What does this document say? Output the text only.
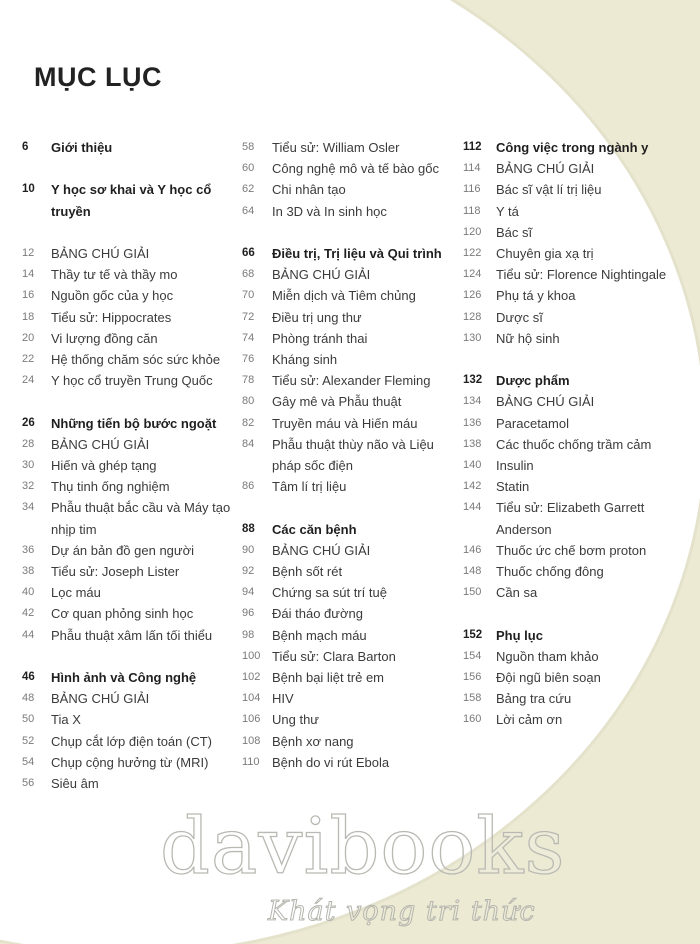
MỤC LỤC
6	Giới thiệu
10	Y học sơ khai và Y học cổ truyền
12	BẢNG CHÚ GIẢI
14	Thầy tư tế và thầy mo
16	Nguồn gốc của y học
18	Tiểu sử: Hippocrates
20	Vi lượng đồng căn
22	Hệ thống chăm sóc sức khỏe
24	Y học cổ truyền Trung Quốc
26	Những tiến bộ bước ngoặt
28	BẢNG CHÚ GIẢI
30	Hiến và ghép tạng
32	Thụ tinh ống nghiệm
34	Phẫu thuật bắc cầu và Máy tạo nhịp tim
36	Dự án bản đồ gen người
38	Tiểu sử: Joseph Lister
40	Lọc máu
42	Cơ quan phỏng sinh học
44	Phẫu thuật xâm lấn tối thiểu
46	Hình ảnh và Công nghệ
48	BẢNG CHÚ GIẢI
50	Tia X
52	Chụp cắt lớp điện toán (CT)
54	Chụp cộng hưởng từ (MRI)
56	Siêu âm
58	Tiểu sử: William Osler
60	Công nghệ mô và tế bào gốc
62	Chi nhân tạo
64	In 3D và In sinh học
66	Điều trị, Trị liệu và Qui trình
68	BẢNG CHÚ GIẢI
70	Miễn dịch và Tiêm chủng
72	Điều trị ung thư
74	Phòng tránh thai
76	Kháng sinh
78	Tiểu sử: Alexander Fleming
80	Gây mê và Phẫu thuật
82	Truyền máu và Hiến máu
84	Phẫu thuật thùy não và Liệu pháp sốc điện
86	Tâm lí trị liệu
88	Các căn bệnh
90	BẢNG CHÚ GIẢI
92	Bệnh sốt rét
94	Chứng sa sút trí tuệ
96	Đái tháo đường
98	Bệnh mạch máu
100 Tiểu sử: Clara Barton
102 Bệnh bại liệt trẻ em
104 HIV
106 Ung thư
108 Bệnh xơ nang
110 Bệnh do vi rút Ebola
112	Công việc trong ngành y
114	BẢNG CHÚ GIẢI
116	Bác sĩ vật lí trị liệu
118	Y tá
120	Bác sĩ
122	Chuyên gia xạ trị
124	Tiểu sử: Florence Nightingale
126	Phụ tá y khoa
128	Dược sĩ
130	Nữ hộ sinh
132	Dược phẩm
134	BẢNG CHÚ GIẢI
136	Paracetamol
138	Các thuốc chống trầm cảm
140	Insulin
142	Statin
144	Tiểu sử: Elizabeth Garrett Anderson
146	Thuốc ức chế bơm proton
148	Thuốc chống đông
150	Cần sa
152	Phụ lục
154	Nguồn tham khảo
156	Đội ngũ biên soạn
158	Bảng tra cứu
160	Lời cảm ơn

davibooks

Khát vọng tri thức
